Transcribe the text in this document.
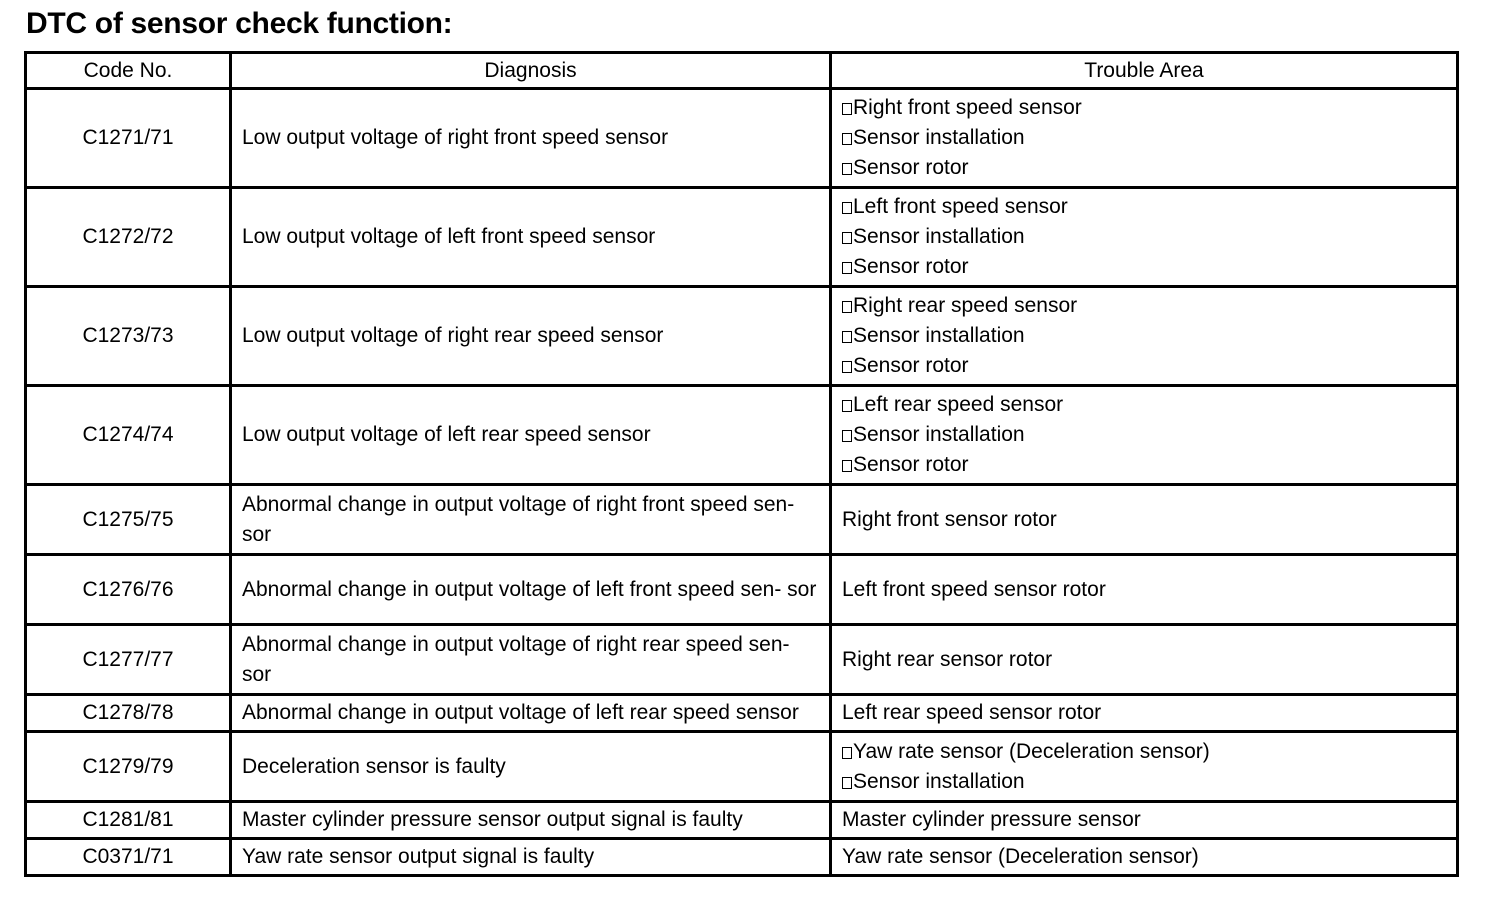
DTC of sensor check function:
Code No.	Diagnosis	Trouble Area
C1271/71	Low output voltage of right front speed sensor	Right front speed sensor
Sensor installation
Sensor rotor

C1272/72	Low output voltage of left front speed sensor	Left front speed sensor
Sensor installation
Sensor rotor

C1273/73	Low output voltage of right rear speed sensor	Right rear speed sensor
Sensor installation
Sensor rotor

C1274/74	Low output voltage of left rear speed sensor	Left rear speed sensor
Sensor installation
Sensor rotor

C1275/75	Abnormal change in output voltage of right front speed sen- sor	Right front sensor rotor

C1276/76	Abnormal change in output voltage of left front speed sen- sor	Left front speed sensor rotor

C1277/77	Abnormal change in output voltage of right rear speed sen- sor	Right rear sensor rotor

C1278/78	Abnormal change in output voltage of left rear speed sensor	Left rear speed sensor rotor

C1279/79	Deceleration sensor is faulty	Yaw rate sensor (Deceleration sensor)
Sensor installation

C1281/81	Master cylinder pressure sensor output signal is faulty	Master cylinder pressure sensor

C0371/71	Yaw rate sensor output signal is faulty	Yaw rate sensor (Deceleration sensor)
